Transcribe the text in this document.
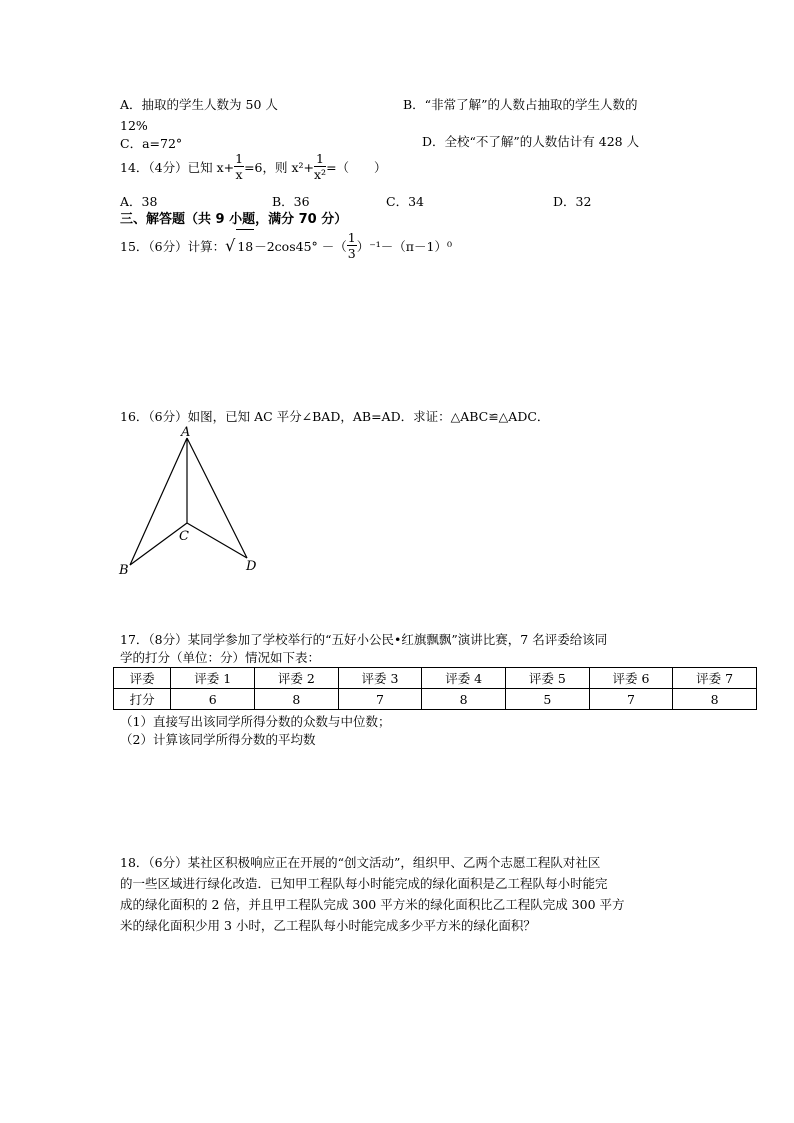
A．抽取的学生人数为 50 人	B．“非常了解”的人数占抽取的学生人数的
12%
C．a=72°	D．全校“不了解”的人数估计有 428 人
14．（4分）已知 $x+ \frac{1}{x} =6$，则 $x^2+ \frac{1}{\text{x²}}$ =（　　）
A．38	B．36	C．34	D．32
三、解答题（共 9 小题，满分 70 分）
15．（6分）计算：√ 18－2cos45° －（ $\frac{1}{3} )^{-1}-(\pi-1)^0$
16．（6分）如图，已知 AC 平分∠BAD，AB=AD．求证：△ABC≌△ADC．
A
B
C
D
17．（8分）某同学参加了学校举行的“五好小公民•红旗飘飘”演讲比赛，7 名评委给该同
学的打分（单位：分）情况如下表：
评委	评委 1	评委 2	评委 3	评委 4	评委 5	评委 6	评委 7
打分	6	8	7	8	5	7	8
（1）直接写出该同学所得分数的众数与中位数；
（2）计算该同学所得分数的平均数
18．（6分）某社区积极响应正在开展的“创文活动”，组织甲、乙两个志愿工程队对社区
的一些区域进行绿化改造．已知甲工程队每小时能完成的绿化面积是乙工程队每小时能完
成的绿化面积的 2 倍，并且甲工程队完成 300 平方米的绿化面积比乙工程队完成 300 平方
米的绿化面积少用 3 小时，乙工程队每小时能完成多少平方米的绿化面积？
